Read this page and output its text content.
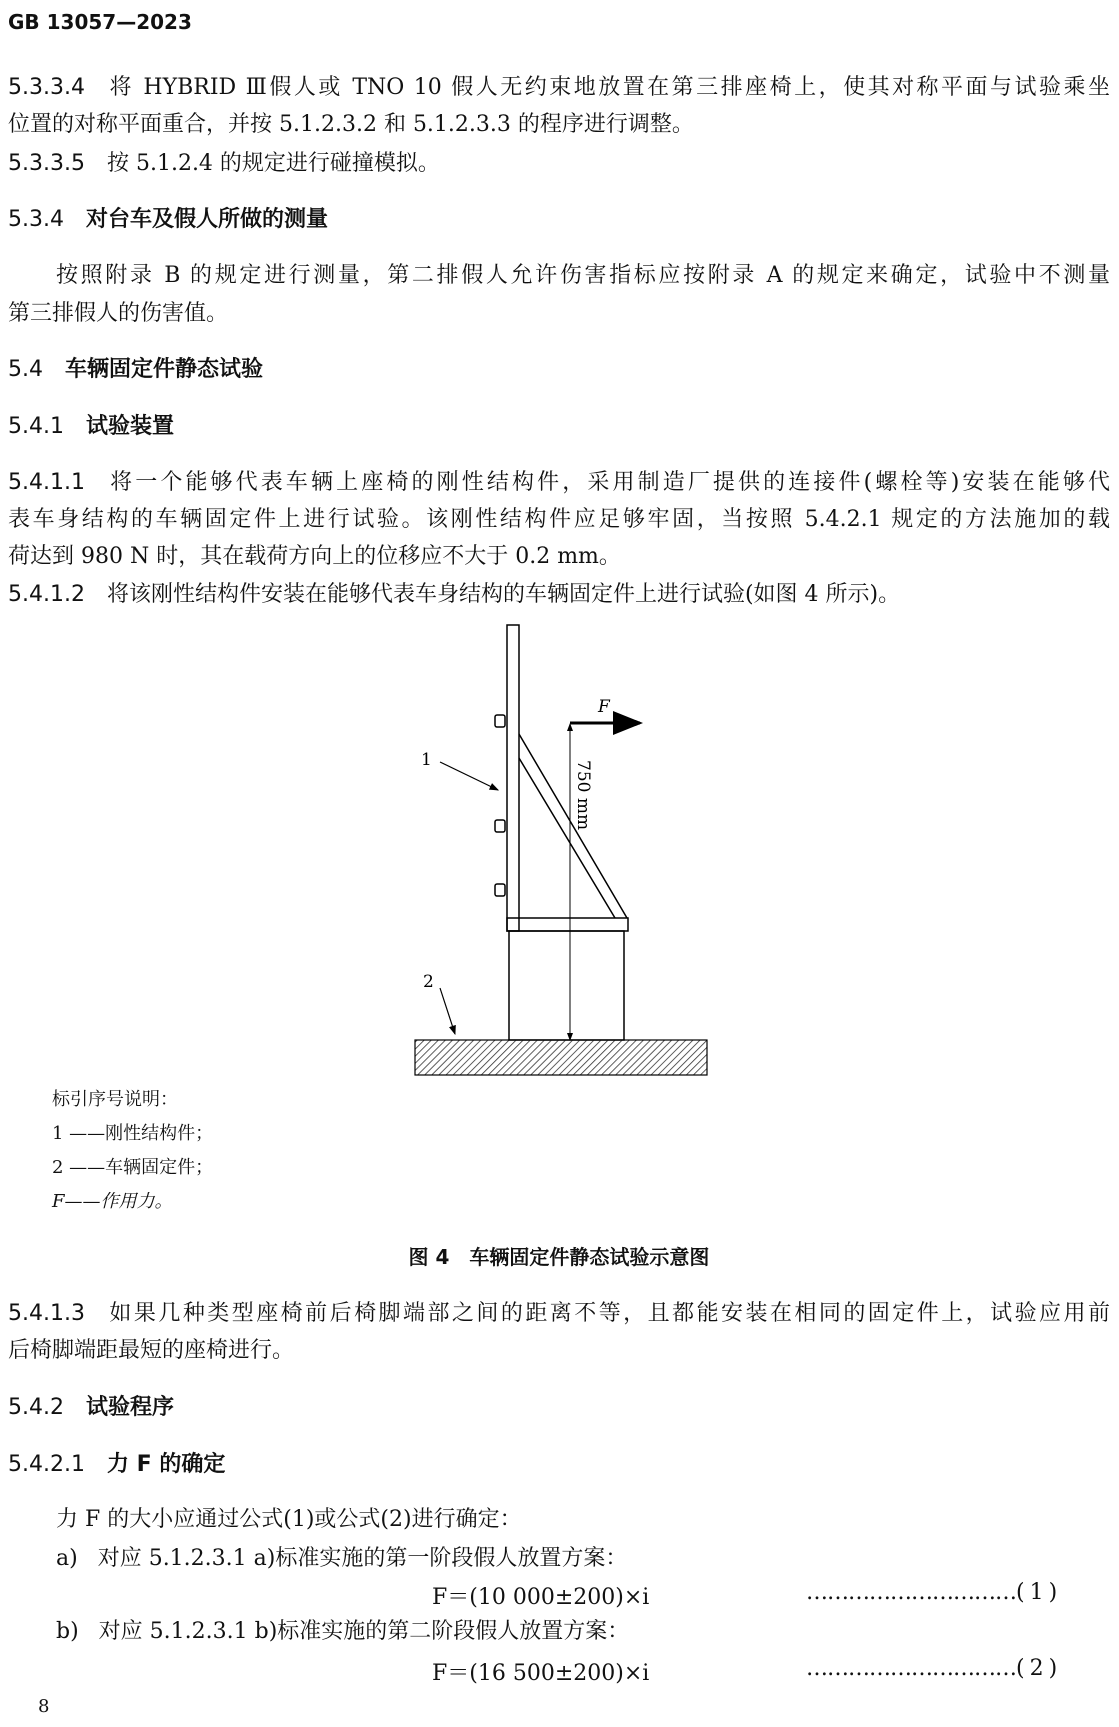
GB 13057—2023
5.3.3.4 将 HYBRID Ⅲ假人或 TNO 10 假人无约束地放置在第三排座椅上，使其对称平面与试验乘坐
位置的对称平面重合，并按 5.1.2.3.2 和 5.1.2.3.3 的程序进行调整。
5.3.3.5 按 5.1.2.4 的规定进行碰撞模拟。
5.3.4 对台车及假人所做的测量
按照附录 B 的规定进行测量，第二排假人允许伤害指标应按附录 A 的规定来确定，试验中不测量
第三排假人的伤害值。
5.4 车辆固定件静态试验
5.4.1 试验装置
5.4.1.1 将一个能够代表车辆上座椅的刚性结构件，采用制造厂提供的连接件(螺栓等)安装在能够代
表车身结构的车辆固定件上进行试验。该刚性结构件应足够牢固，当按照 5.4.2.1 规定的方法施加的载
荷达到 980 N 时，其在载荷方向上的位移应不大于 0.2 mm。
5.4.1.2 将该刚性结构件安装在能够代表车身结构的车辆固定件上进行试验(如图 4 所示)。
1
2
F
750 mm
标引序号说明：
1 ——刚性结构件；
2 ——车辆固定件；
F——作用力。
图 4　车辆固定件静态试验示意图
5.4.1.3 如果几种类型座椅前后椅脚端部之间的距离不等，且都能安装在相同的固定件上，试验应用前
后椅脚端距最短的座椅进行。
5.4.2 试验程序
5.4.2.1 力 F 的确定
力 F 的大小应通过公式(1)或公式(2)进行确定：
a) 对应 5.1.2.3.1 a)标准实施的第一阶段假人放置方案：
F＝(10 000±200)×i	…………………………( 1 )
b) 对应 5.1.2.3.1 b)标准实施的第二阶段假人放置方案：
F＝(16 500±200)×i	…………………………( 2 )
8
